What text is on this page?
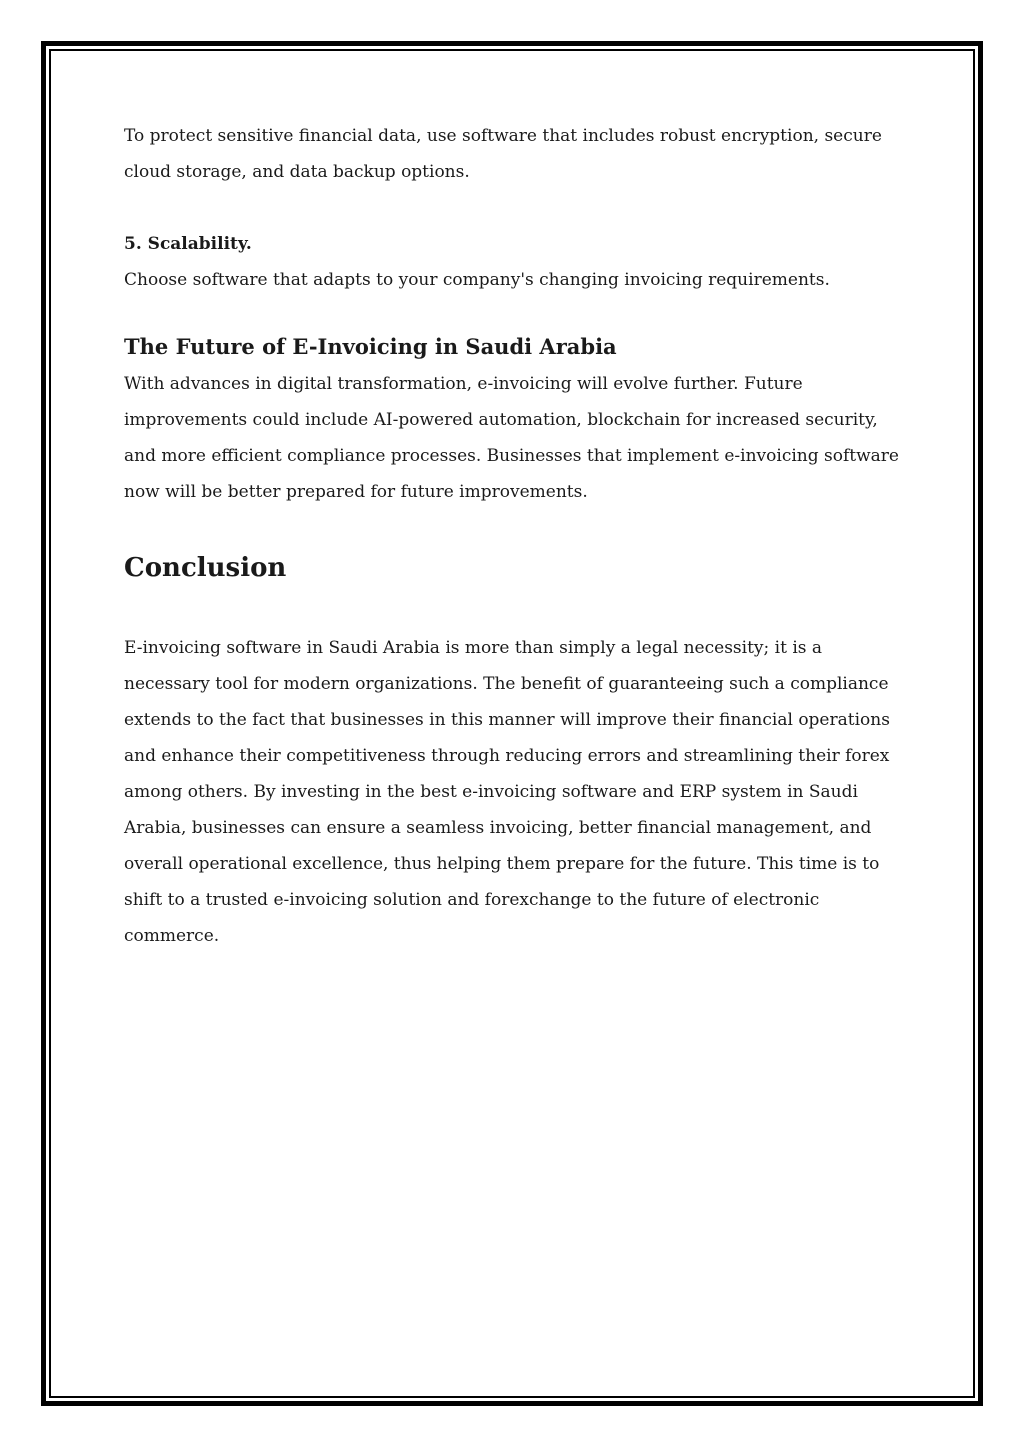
To protect sensitive financial data, use software that includes robust encryption, secure cloud storage, and data backup options.

5. Scalability.

Choose software that adapts to your company's changing invoicing requirements.

The Future of E-Invoicing in Saudi Arabia

With advances in digital transformation, e-invoicing will evolve further. Future improvements could include AI-powered automation, blockchain for increased security, and more efficient compliance processes. Businesses that implement e-invoicing software now will be better prepared for future improvements.

Conclusion

E-invoicing software in Saudi Arabia is more than simply a legal necessity; it is a necessary tool for modern organizations. The benefit of guaranteeing such a compliance extends to the fact that businesses in this manner will improve their financial operations and enhance their competitiveness through reducing errors and streamlining their forex among others. By investing in the best e-invoicing software and ERP system in Saudi Arabia, businesses can ensure a seamless invoicing, better financial management, and overall operational excellence, thus helping them prepare for the future. This time is to shift to a trusted e-invoicing solution and forexchange to the future of electronic commerce.
